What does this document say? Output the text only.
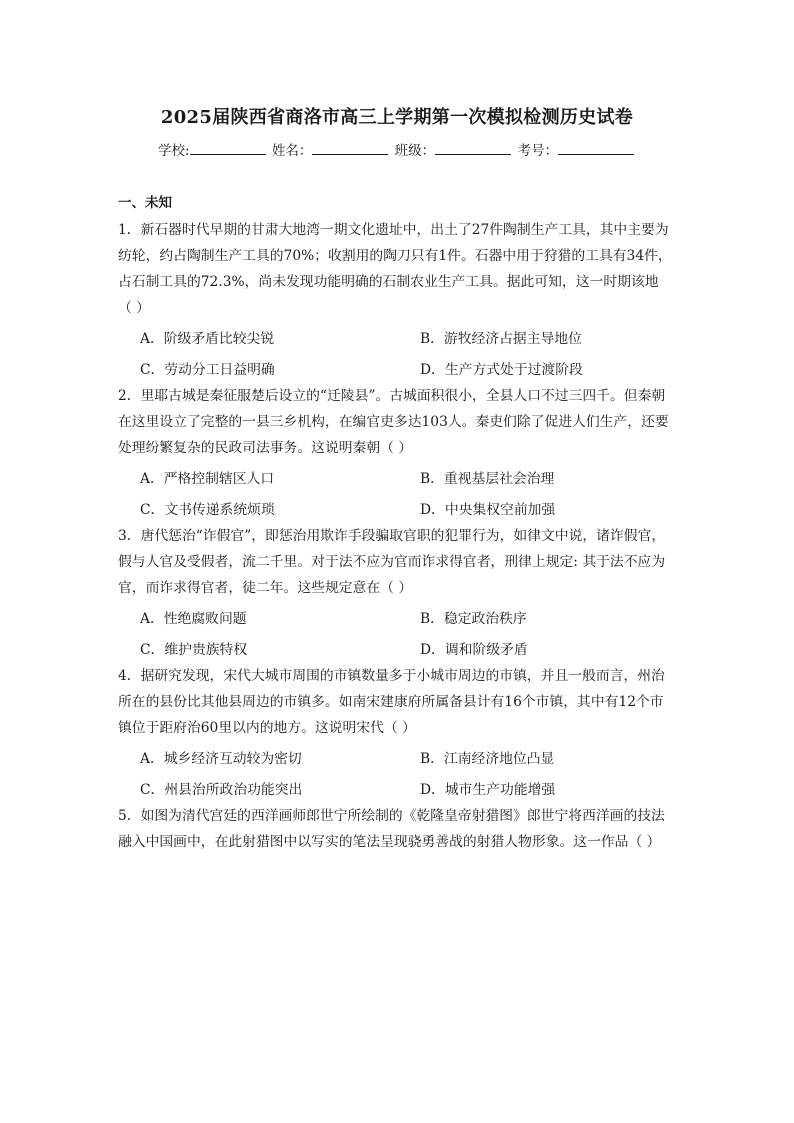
2025届陕西省商洛市高三上学期第一次模拟检测历史试卷
学校:	姓名：	班级：	考号：
一、未知

1．新石器时代早期的甘肃大地湾一期文化遗址中，出土了27件陶制生产工具，其中主要为

纺轮，约占陶制生产工具的70%；收割用的陶刀只有1件。石器中用于狩猎的工具有34件，

占石制工具的72.3%，尚未发现功能明确的石制农业生产工具。据此可知，这一时期该地

（ ）

A．阶级矛盾比较尖锐	B．游牧经济占据主导地位
C．劳动分工日益明确	D．生产方式处于过渡阶段

2．里耶古城是秦征服楚后设立的“迁陵县”。古城面积很小，全县人口不过三四千。但秦朝

在这里设立了完整的一县三乡机构，在编官吏多达103人。秦吏们除了促进人们生产，还要

处理纷繁复杂的民政司法事务。这说明秦朝（ ）

A．严格控制辖区人口	B．重视基层社会治理
C．文书传递系统烦琐	D．中央集权空前加强

3．唐代惩治“诈假官”，即惩治用欺诈手段骗取官职的犯罪行为，如律文中说，诸诈假官，

假与人官及受假者，流二千里。对于法不应为官而诈求得官者，刑律上规定: 其于法不应为

官，而诈求得官者，徒二年。这些规定意在（ ）

A．性绝腐败问题	B．稳定政治秩序
C．维护贵族特权	D．调和阶级矛盾

4．据研究发现，宋代大城市周围的市镇数量多于小城市周边的市镇，并且一般而言，州治

所在的县份比其他县周边的市镇多。如南宋建康府所属备县计有16个市镇，其中有12个市

镇位于距府治60里以内的地方。这说明宋代（ ）

A．城乡经济互动较为密切	B．江南经济地位凸显
C．州县治所政治功能突出	D．城市生产功能增强

5．如图为清代宫廷的西洋画师郎世宁所绘制的《乾隆皇帝射猎图》郎世宁将西洋画的技法

融入中国画中，在此射猎图中以写实的笔法呈现骁勇善战的射猎人物形象。这一作品（ ）
